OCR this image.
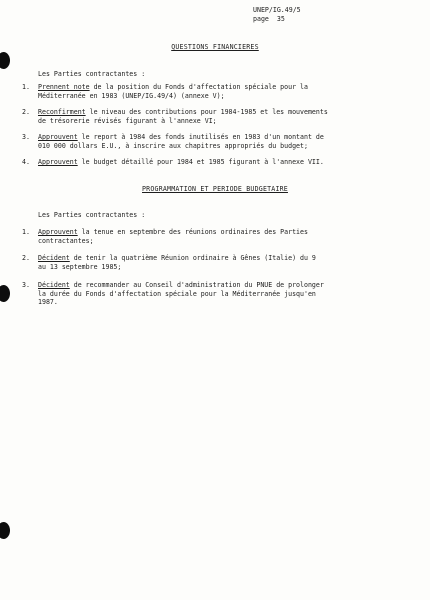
UNEP/IG.49/5
page 35
QUESTIONS FINANCIERES
Les Parties contractantes :
1.	Prennent note de la position du Fonds d'affectation spéciale pour la
Méditerranée en 1983 (UNEP/IG.49/4) (annexe V);
2.	Reconfirment le niveau des contributions pour 1984-1985 et les mouvements
de trésorerie révisés figurant à l'annexe VI;
3.	Approuvent le report à 1984 des fonds inutilisés en 1983 d'un montant de
010 000 dollars E.U., à inscrire aux chapitres appropriés du budget;
4.	Approuvent le budget détaillé pour 1984 et 1985 figurant à l'annexe VII.
PROGRAMMATION ET PERIODE BUDGETAIRE
Les Parties contractantes :
1.	Approuvent la tenue en septembre des réunions ordinaires des Parties
contractantes;
2.	Décident de tenir la quatrième Réunion ordinaire à Gênes (Italie) du 9
au 13 septembre 1985;
3.	Décident de recommander au Conseil d'administration du PNUE de prolonger
la durée du Fonds d'affectation spéciale pour la Méditerranée jusqu'en
1987.
